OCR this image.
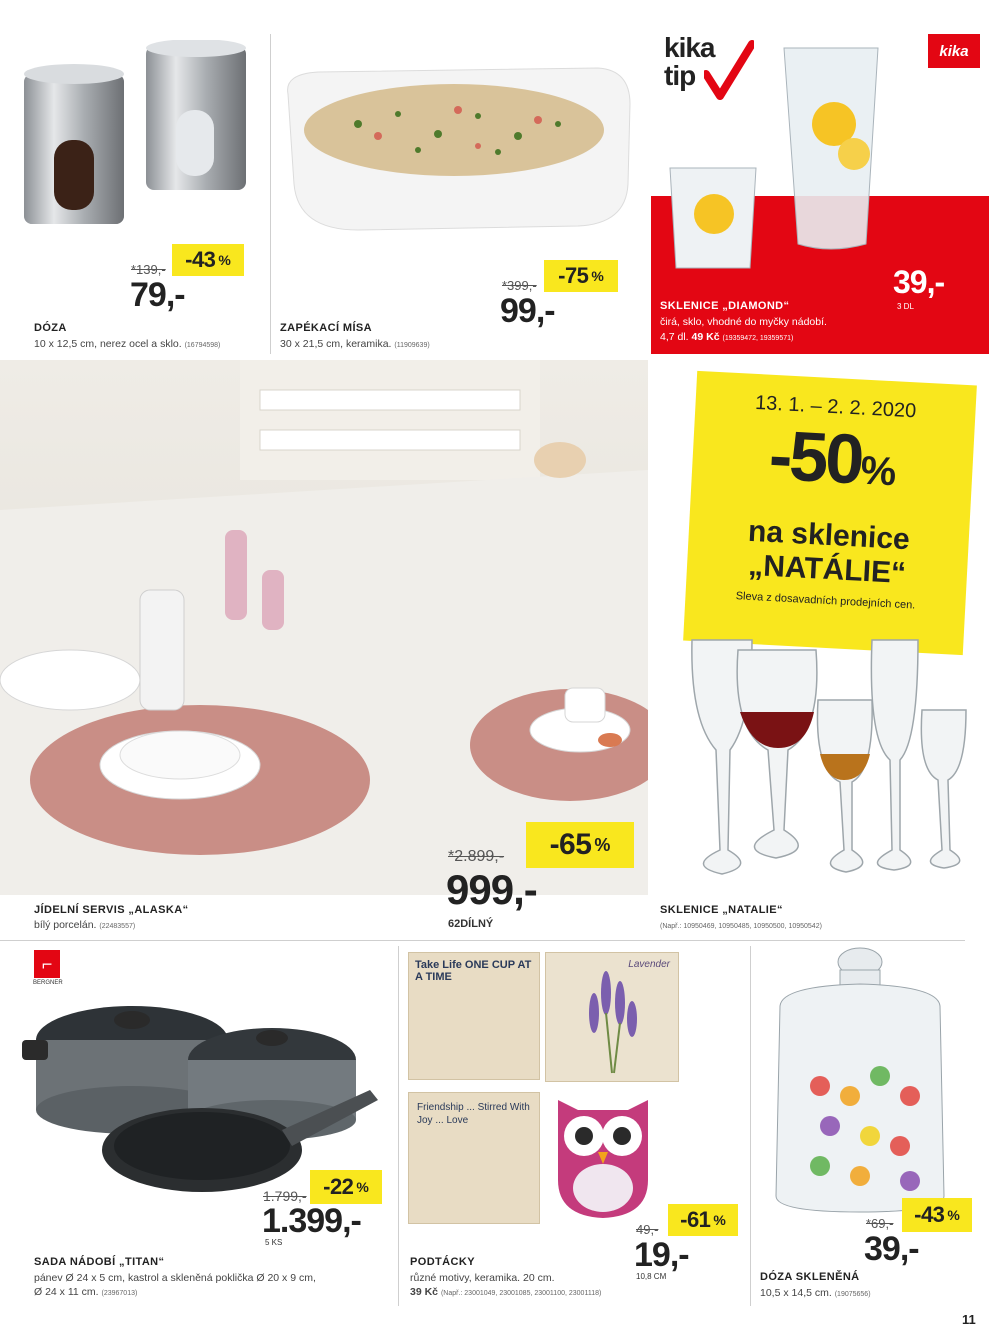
*139,- -43 %
79,-
DÓZA
10 x 12,5 cm, nerez ocel a sklo. (16794598)
*399,- -75 %
99,-
ZAPÉKACÍ MÍSA
30 x 21,5 cm, keramika. (11909639)
kika
tip
kika
39,-
3 DL
SKLENICE „DIAMOND“
čirá, sklo, vhodné do myčky nádobí.
4,7 dl. 49 Kč (19359472, 19359571)
*2.899,- -65 %
999,-
62DÍLNÝ
JÍDELNÍ SERVIS „ALASKA“
bílý porcelán. (22483557)
13. 1. – 2. 2. 2020
-50%
na sklenice
„NATÁLIE“
Sleva z dosavadních prodejních cen.
SKLENICE „NATALIE“
(Např.: 10950469, 10950485, 10950500, 10950542)
⌐
BERGNER
1.799,- -22 %
1.399,-
5 KS
SADA NÁDOBÍ „TITAN“
pánev Ø 24 x 5 cm, kastrol a skleněná poklička Ø 20 x 9 cm,
Ø 24 x 11 cm. (23967013)
Take Life ONE CUP AT A TIME
Lavender
Friendship ... Stirred With Joy ... Love
49,- -61 %
19,-
10,8 CM
PODTÁCKY
různé motivy, keramika. 20 cm.
39 Kč (Např.: 23001049, 23001085, 23001100, 23001118)
*69,- -43 %
39,-
DÓZA SKLENĚNÁ
10,5 x 14,5 cm. (19075656)
11
